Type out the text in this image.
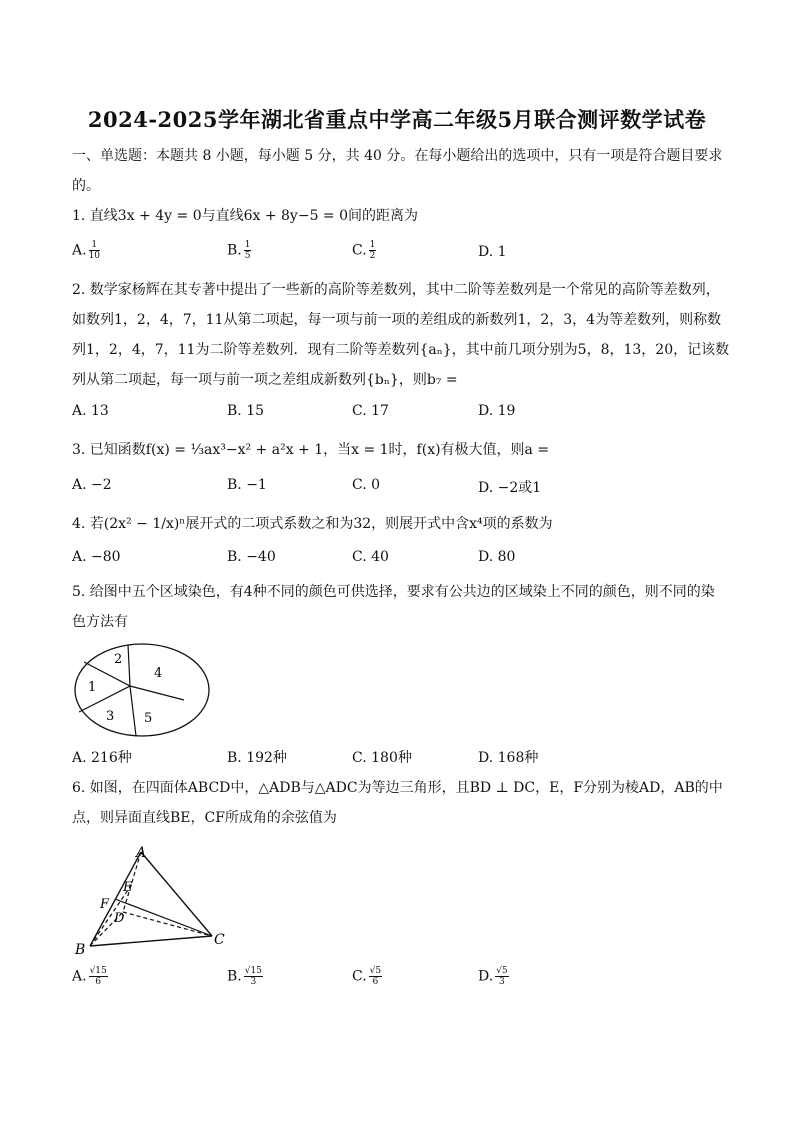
2024-2025学年湖北省重点中学高二年级5月联合测评数学试卷
一、单选题：本题共 8 小题，每小题 5 分，共 40 分。在每小题给出的选项中，只有一项是符合题目要求
的。
1. 直线3x + 4y = 0与直线6x + 8y−5 = 0间的距离为
A. $\frac{1}{10}$	B. $\frac{1}{5}$	C. $\frac{1}{2}$	D. 1
2. 数学家杨辉在其专著中提出了一些新的高阶等差数列，其中二阶等差数列是一个常见的高阶等差数列，
如数列1，2，4，7，11从第二项起，每一项与前一项的差组成的新数列1，2，3，4为等差数列，则称数
列1，2，4，7，11为二阶等差数列．现有二阶等差数列{aₙ}，其中前几项分别为5，8，13，20，记该数
列从第二项起，每一项与前一项之差组成新数列{bₙ}，则b₇ =
A. 13	B. 15	C. 17	D. 19
3. 已知函数f(x) = ⅓ax³−x² + a²x + 1，当x = 1时，f(x)有极大值，则a =
A. −2	B. −1	C. 0	D. −2或1
4. 若(2x² − 1/x)ⁿ展开式的二项式系数之和为32，则展开式中含x⁴项的系数为
A. −80	B. −40	C. 40	D. 80
5. 给图中五个区域染色，有4种不同的颜色可供选择，要求有公共边的区域染上不同的颜色，则不同的染
色方法有
1
2
3
4
5
A. 216种	B. 192种	C. 180种	D. 168种
6. 如图，在四面体ABCD中，△ADB与△ADC为等边三角形，且BD ⊥ DC，E，F分别为棱AD，AB的中
点，则异面直线BE，CF所成角的余弦值为
A
E
F
D
B
C
A. $\frac{√15}{6}$	B. $\frac{√15}{3}$	C. $\frac{√5}{6}$	D. $\frac{√5}{3}$
